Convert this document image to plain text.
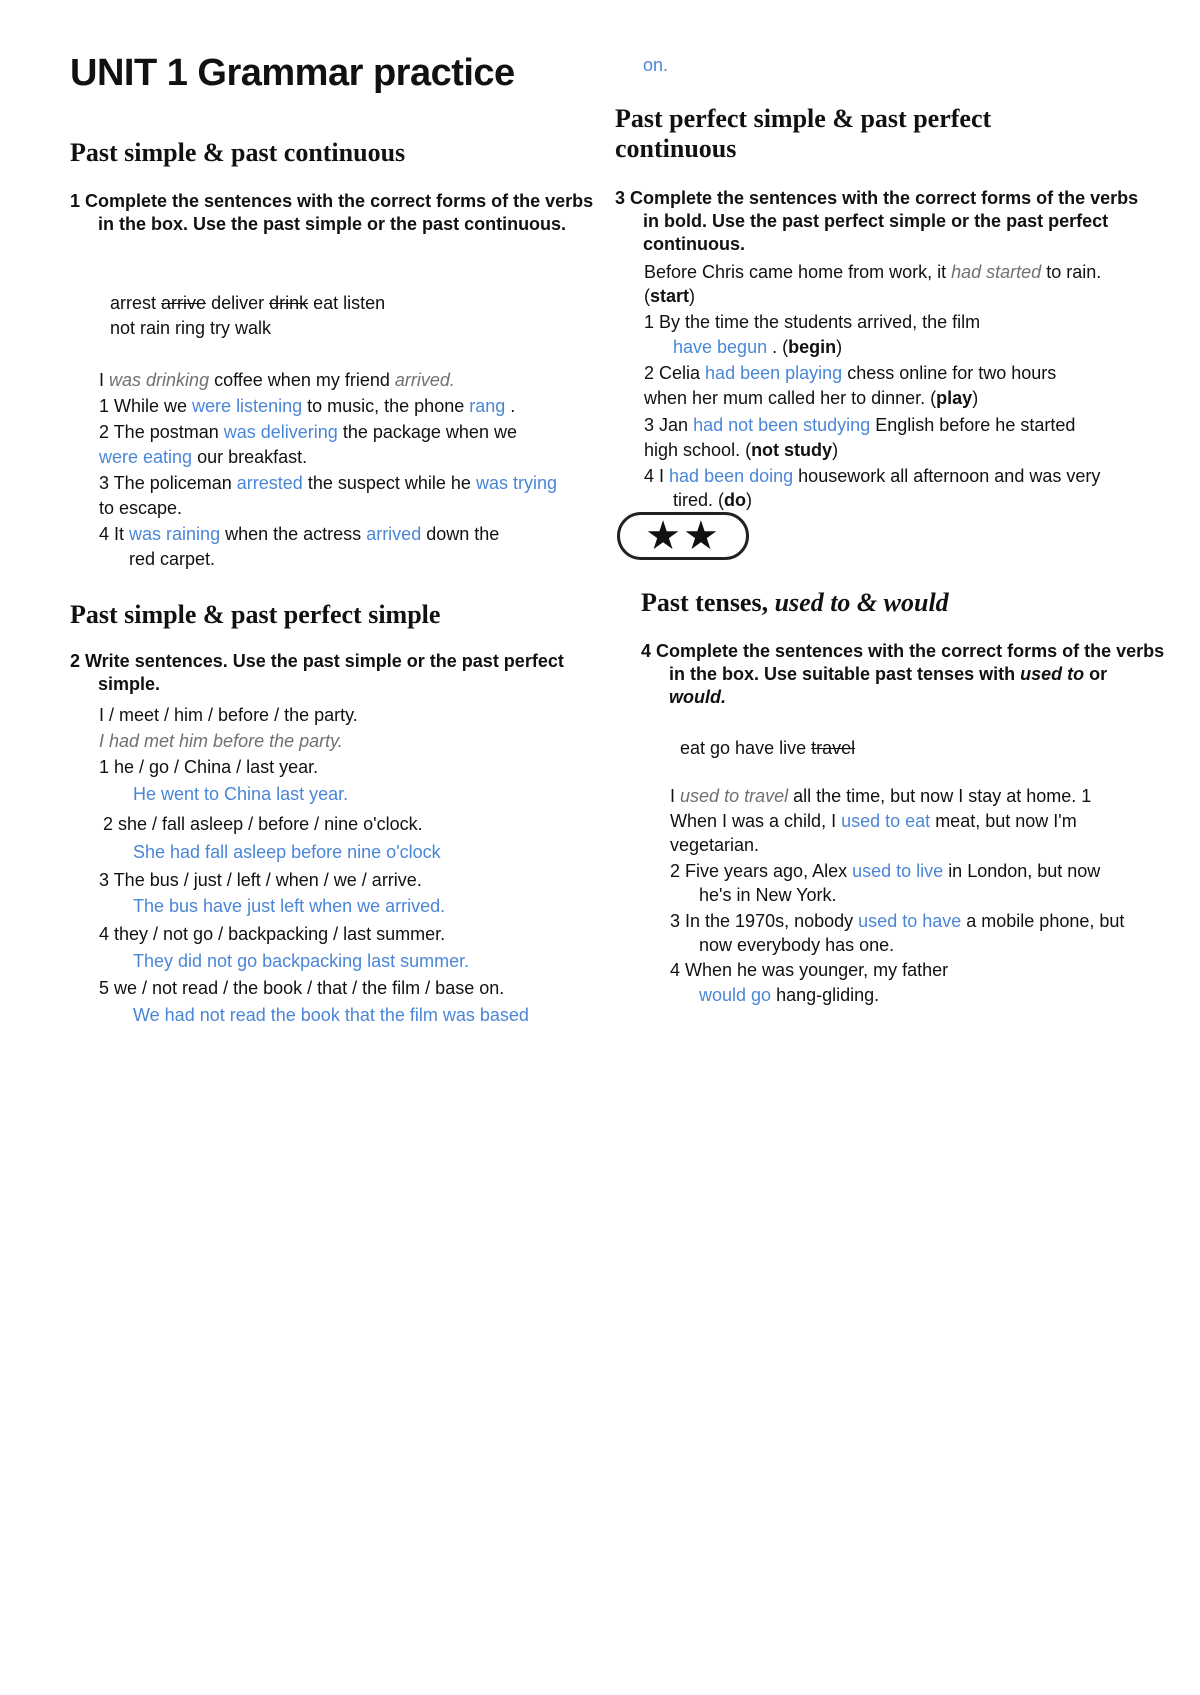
UNIT 1 Grammar practice
Past simple & past continuous
1 Complete the sentences with the correct forms of the verbs in the box. Use the past simple or the past continuous.
arrest arrive deliver drink eat listen
not rain ring try walk
I was drinking coffee when my friend arrived.
1 While we were listening to music, the phone rang .
2 The postman was delivering the package when we
were eating our breakfast.
3 The policeman arrested the suspect while he was trying
to escape.
4 It was raining when the actress arrived down the
red carpet.
Past simple & past perfect simple
2 Write sentences. Use the past simple or the past perfect simple.
I / meet / him / before / the party.
I had met him before the party.
1 he / go / China / last year.
He went to China last year.
2 she / fall asleep / before / nine o'clock.
She had fall asleep before nine o'clock
3 The bus / just / left / when / we / arrive.
The bus have just left when we arrived.
4 they / not go / backpacking / last summer.
They did not go backpacking last summer.
5 we / not read / the book / that / the film / base on.
We had not read the book that the film was based
on.
Past perfect simple & past perfect continuous
3 Complete the sentences with the correct forms of the verbs in bold. Use the past perfect simple or the past perfect continuous.
Before Chris came home from work, it had started to rain.
(start)
1 By the time the students arrived, the film
have begun . (begin)
2 Celia had been playing chess online for two hours
when her mum called her to dinner. (play)
3 Jan had not been studying English before he started
high school. (not study)
4 I had been doing housework all afternoon and was very
tired. (do)
★★
Past tenses, used to & would
4 Complete the sentences with the correct forms of the verbs in the box. Use suitable past tenses with used to or would.
eat go have live travel
I used to travel all the time, but now I stay at home. 1
When I was a child, I used to eat meat, but now I'm
vegetarian.
2 Five years ago, Alex used to live in London, but now
he's in New York.
3 In the 1970s, nobody used to have a mobile phone, but
now everybody has one.
4 When he was younger, my father
would go hang-gliding.
